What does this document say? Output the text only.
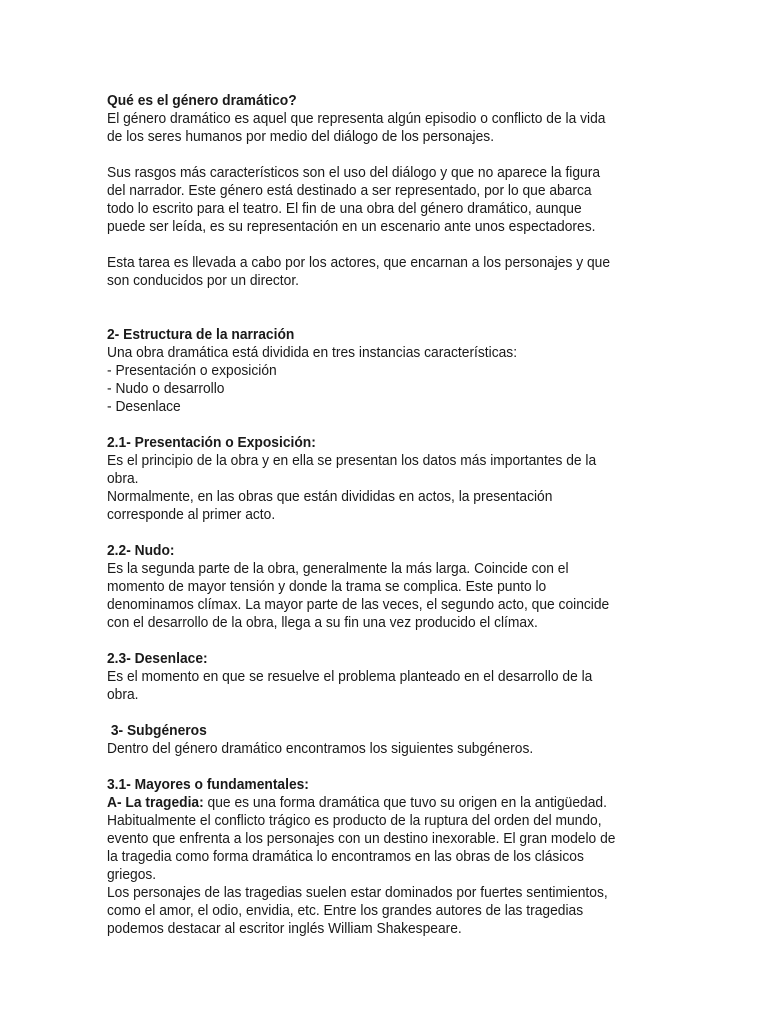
Qué es el género dramático?

El género dramático es aquel que representa algún episodio o conflicto de la vida
de los seres humanos por medio del diálogo de los personajes.

Sus rasgos más característicos son el uso del diálogo y que no aparece la figura
del narrador. Este género está destinado a ser representado, por lo que abarca
todo lo escrito para el teatro. El fin de una obra del género dramático, aunque
puede ser leída, es su representación en un escenario ante unos espectadores.

Esta tarea es llevada a cabo por los actores, que encarnan a los personajes y que
son conducidos por un director.

2- Estructura de la narración

Una obra dramática está dividida en tres instancias características:

- Presentación o exposición

- Nudo o desarrollo

- Desenlace

2.1- Presentación o Exposición:

Es el principio de la obra y en ella se presentan los datos más importantes de la
obra.

Normalmente, en las obras que están divididas en actos, la presentación
corresponde al primer acto.

2.2- Nudo:

Es la segunda parte de la obra, generalmente la más larga. Coincide con el
momento de mayor tensión y donde la trama se complica. Este punto lo
denominamos clímax. La mayor parte de las veces, el segundo acto, que coincide
con el desarrollo de la obra, llega a su fin una vez producido el clímax.

2.3- Desenlace:

Es el momento en que se resuelve el problema planteado en el desarrollo de la
obra.

3- Subgéneros

Dentro del género dramático encontramos los siguientes subgéneros.

3.1- Mayores o fundamentales:

A- La tragedia: que es una forma dramática que tuvo su origen en la antigüedad.

Habitualmente el conflicto trágico es producto de la ruptura del orden del mundo,
evento que enfrenta a los personajes con un destino inexorable. El gran modelo de
la tragedia como forma dramática lo encontramos en las obras de los clásicos
griegos.

Los personajes de las tragedias suelen estar dominados por fuertes sentimientos,
como el amor, el odio, envidia, etc. Entre los grandes autores de las tragedias
podemos destacar al escritor inglés William Shakespeare.
